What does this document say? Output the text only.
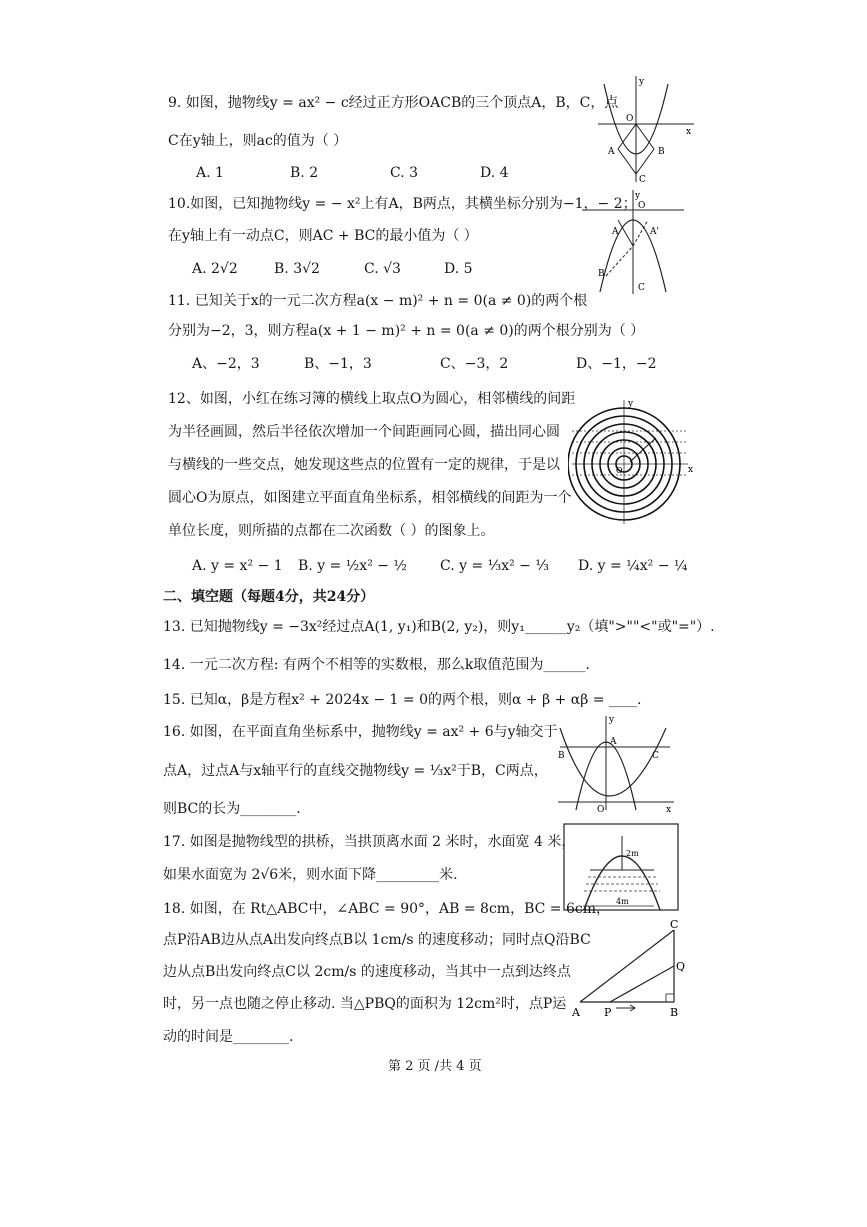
9. 如图，抛物线y = ax² − c经过正方形OACB的三个顶点A，B，C，点
C在y轴上，则ac的值为（ ）
A. 1	B. 2	C. 3	D. 4
y
O
x
A	B
C
10.如图，已知抛物线y = − x²上有A，B两点，其横坐标分别为−1，− 2；
在y轴上有一动点C，则AC + BC的最小值为（ ）
A. 2√2	B. 3√2	C. √3	D. 5
y
O
A	A'
B
C
11. 已知关于x的一元二次方程a(x − m)² + n = 0(a ≠ 0)的两个根
分别为−2，3，则方程a(x + 1 − m)² + n = 0(a ≠ 0)的两个根分别为（ ）
A、−2，3	B、−1，3	C、−3，2	D、−1，−2
12、如图，小红在练习簿的横线上取点O为圆心，相邻横线的间距
为半径画圆，然后半径依次增加一个间距画同心圆，描出同心圆
与横线的一些交点，她发现这些点的位置有一定的规律，于是以
圆心O为原点，如图建立平面直角坐标系，相邻横线的间距为一个
单位长度，则所描的点都在二次函数（ ）的图象上。
A. y = x² − 1 B. y = ½x² − ½ C. y = ⅓x² − ⅓ D. y = ¼x² − ¼
y
x
O
二、填空题（每题4分，共24分）
13. 已知抛物线y = −3x²经过点A(1, y₁)和B(2, y₂)，则y₁______y₂（填">""<"或"="）.
14. 一元二次方程: 有两个不相等的实数根，那么k取值范围为______.
15. 已知α，β是方程x² + 2024x − 1 = 0的两个根，则α + β + αβ = ____.
16. 如图，在平面直角坐标系中，抛物线y = ax² + 6与y轴交于
点A，过点A与x轴平行的直线交抛物线y = ⅓x²于B，C两点，
则BC的长为________.
y
A
B	C
O	x
17. 如图是抛物线型的拱桥，当拱顶离水面 2 米时，水面宽 4 米，
如果水面宽为 2√6米，则水面下降_________米.
2m
4m
18. 如图，在 Rt△ABC中，∠ABC = 90°，AB = 8cm，BC = 6cm，
点P沿AB边从点A出发向终点B以 1cm/s 的速度移动；同时点Q沿BC
边从点B出发向终点C以 2cm/s 的速度移动，当其中一点到达终点
时，另一点也随之停止移动. 当△PBQ的面积为 12cm²时，点P运
动的时间是________.
C
Q
A P	B
第 2 页 /共 4 页
